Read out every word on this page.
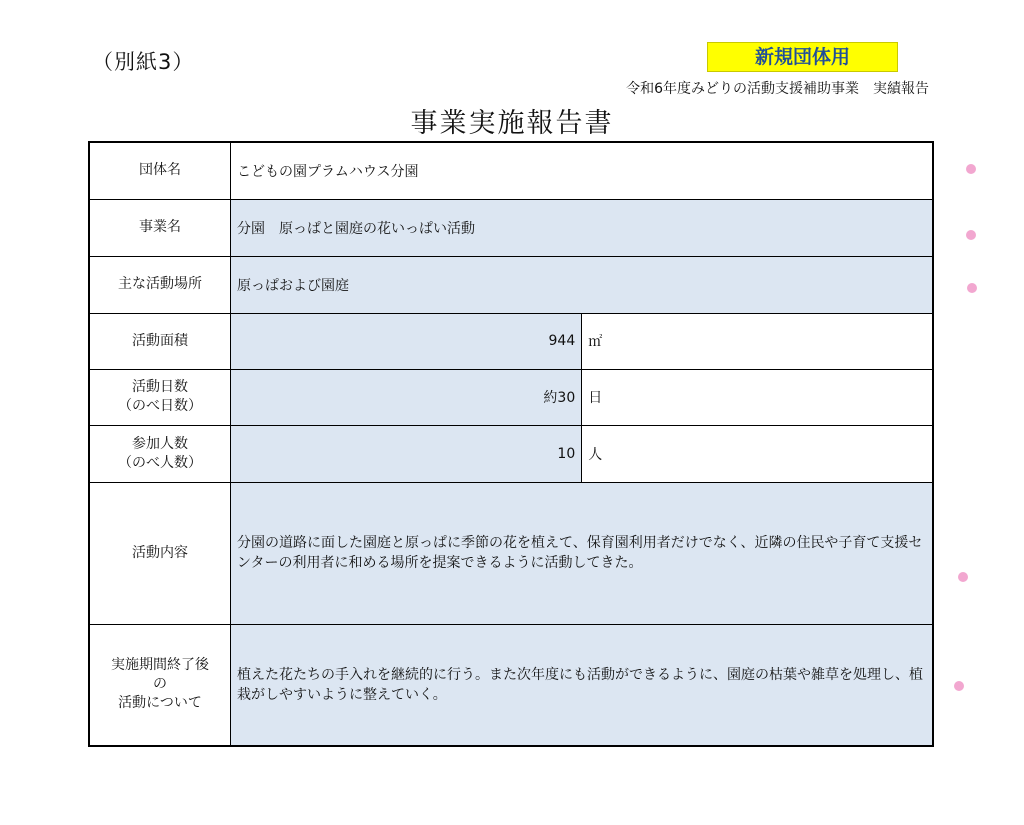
（別紙3）	新規団体用
令和6年度みどりの活動支援補助事業　実績報告
事業実施報告書
団体名	こどもの園プラムハウス分園	
事業名	分園　原っぱと園庭の花いっぱい活動	
主な活動場所	原っぱおよび園庭	
活動面積	944	㎡

活動日数
（のべ日数）	約30	日

参加人数
（のべ人数）	10	人
活動内容	分園の道路に面した園庭と原っぱに季節の花を植えて、保育園利用者だけでなく、近隣の住民や子育て支援センターの利用者に和める場所を提案できるように活動してきた。	

実施期間終了後
の
活動について	植えた花たちの手入れを継続的に行う。また次年度にも活動ができるように、園庭の枯葉や雑草を処理し、植栽がしやすいように整えていく。	
